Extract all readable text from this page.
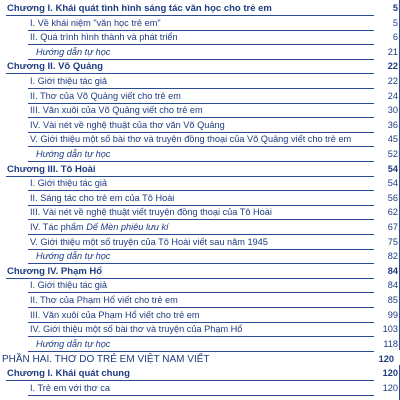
Chương I. Khái quát tình hình sáng tác văn học cho trẻ em	5
I. Về khái niệm "văn học trẻ em"	5
II. Quá trình hình thành và phát triển	6
Hướng dẫn tự học	21
Chương II. Võ Quảng	22
I. Giới thiệu tác giả	22
II. Thơ của Võ Quảng viết cho trẻ em	24
III. Văn xuôi của Võ Quảng viết cho trẻ em	30
IV. Vài nét về nghệ thuật của thơ văn Võ Quảng	36
V. Giới thiệu một số bài thơ và truyện đồng thoại của Võ Quảng viết cho trẻ em	45
Hướng dẫn tự học	52
Chương III. Tô Hoài	54
I. Giới thiệu tác giả	54
II. Sáng tác cho trẻ em của Tô Hoài	56
III. Vài nét về nghệ thuật viết truyện đồng thoại của Tô Hoài	62
IV. Tác phẩm Dế Mèn phiêu lưu kí	67
V. Giới thiệu một số truyện của Tô Hoài viết sau năm 1945	75
Hướng dẫn tự học	82
Chương IV. Phạm Hổ	84
I. Giới thiệu tác giả	84
II. Thơ của Phạm Hổ viết cho trẻ em	85
III. Văn xuôi của Phạm Hổ viết cho trẻ em	99
IV. Giới thiệu một số bài thơ và truyện của Phạm Hổ	103
Hướng dẫn tự học	118
PHẦN HAI. THƠ DO TRẺ EM VIỆT NAM VIẾT	120
Chương I. Khái quát chung	120
I. Trẻ em với thơ ca	120
